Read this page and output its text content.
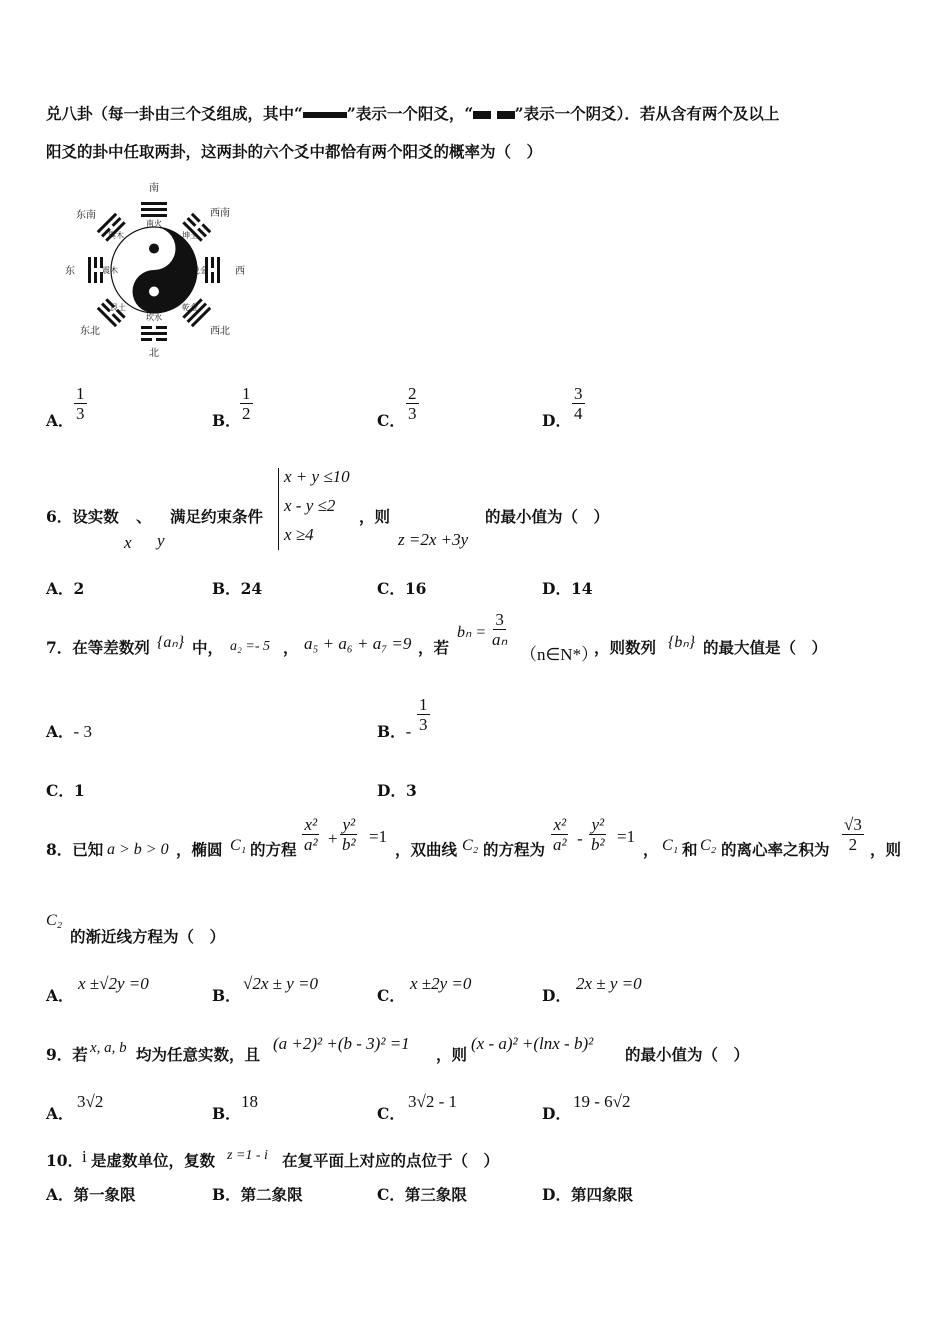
兑八卦（每一卦由三个爻组成，其中“	”表示一个阳爻，“	”表示一个阴爻）．若从含有两个及以上
阳爻的卦中任取两卦，这两卦的六个爻中都恰有两个阳爻的概率为（　）
南
东南
东
东北
北
西北
西
西南
南火
巽木
震木
艮土
坎水
乾金
兑金
坤土
A． $\frac{1}{3}$	B． $\frac{1}{2}$	C． $\frac{2}{3}$	D． $\frac{3}{4}$
6．设实数 、 满足约束条件
x y
x + y ≤10
x - y ≤2
x ≥4
，则
z =2x +3y
的最小值为（　）
A．2	B．24	C．16	D．14
7．在等差数列 {aₙ} 中， a₂ =- 5 ， a₅ + a₆ + a₇ =9 ，若
$b_n = \frac{3}{\text{aₙ}}$
（n∈N*）
，则数列 {bₙ} 的最大值是（　）
A．- 3	B．- $\frac{1}{3}$
C．1	D．3
8．已知 a > b > 0 ，椭圆 C₁ 的方程 $\frac{\text{x²}}{\text{a²}} + \frac{\text{y²}}{\text{b²}} =1$
，双曲线 C₂ 的方程为 $\frac{\text{x²}}{\text{a²}} - \frac{\text{y²}}{\text{b²}} =1$
， C₁ 和 C₂ 的离心率之积为 $\frac{√3}{2}$ ，则
C₂
的渐近线方程为（　）
A．
x ±√2y =0
B．
√2x ± y =0
C．
x ±2y =0
D．
2x ± y =0
9．若 x, a, b 均为任意实数，且
(a +2)² +(b - 3)² =1
，则
(x - a)² +(lnx - b)²
的最小值为（　）
A．
3√2
B．
18
C．
3√2 - 1
D．
19 - 6√2
10．
i 是虚数单位，复数 z =1 - i 在复平面上对应的点位于（　）
A．第一象限	B．第二象限	C．第三象限	D．第四象限
